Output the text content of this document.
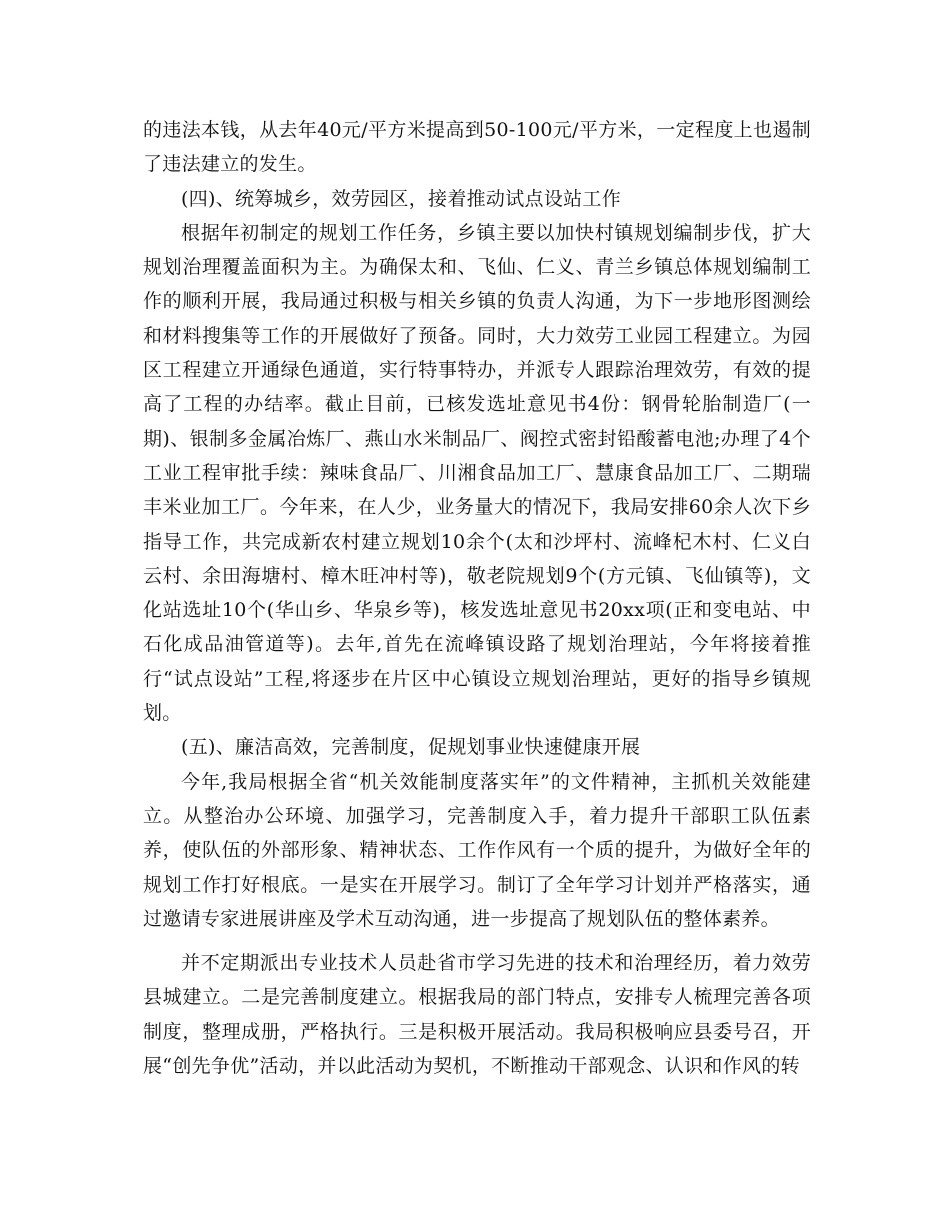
的违法本钱，从去年40元/平方米提高到50-100元/平方米，一定程度上也遏制了违法建立的发生。

(四)、统筹城乡，效劳园区，接着推动试点设站工作

根据年初制定的规划工作任务，乡镇主要以加快村镇规划编制步伐，扩大规划治理覆盖面积为主。为确保太和、飞仙、仁义、青兰乡镇总体规划编制工作的顺利开展，我局通过积极与相关乡镇的负责人沟通，为下一步地形图测绘和材料搜集等工作的开展做好了预备。同时，大力效劳工业园工程建立。为园区工程建立开通绿色通道，实行特事特办，并派专人跟踪治理效劳，有效的提高了工程的办结率。截止目前，已核发选址意见书4份：钢骨轮胎制造厂(一期)、银制多金属冶炼厂、燕山水米制品厂、阀控式密封铅酸蓄电池;办理了4个工业工程审批手续：辣味食品厂、川湘食品加工厂、慧康食品加工厂、二期瑞丰米业加工厂。今年来，在人少，业务量大的情况下，我局安排60余人次下乡指导工作，共完成新农村建立规划10余个(太和沙坪村、流峰杞木村、仁义白云村、余田海塘村、樟木旺冲村等)，敬老院规划9个(方元镇、飞仙镇等)，文化站选址10个(华山乡、华泉乡等)，核发选址意见书20xx项(正和变电站、中石化成品油管道等)。去年,首先在流峰镇设路了规划治理站，今年将接着推行“试点设站”工程,将逐步在片区中心镇设立规划治理站，更好的指导乡镇规划。

(五)、廉洁高效，完善制度，促规划事业快速健康开展

今年,我局根据全省“机关效能制度落实年”的文件精神，主抓机关效能建立。从整治办公环境、加强学习，完善制度入手，着力提升干部职工队伍素养，使队伍的外部形象、精神状态、工作作风有一个质的提升，为做好全年的规划工作打好根底。一是实在开展学习。制订了全年学习计划并严格落实，通过邀请专家进展讲座及学术互动沟通，进一步提高了规划队伍的整体素养。

并不定期派出专业技术人员赴省市学习先进的技术和治理经历，着力效劳县城建立。二是完善制度建立。根据我局的部门特点，安排专人梳理完善各项制度，整理成册，严格执行。三是积极开展活动。我局积极响应县委号召，开展“创先争优”活动，并以此活动为契机，不断推动干部观念、认识和作风的转
